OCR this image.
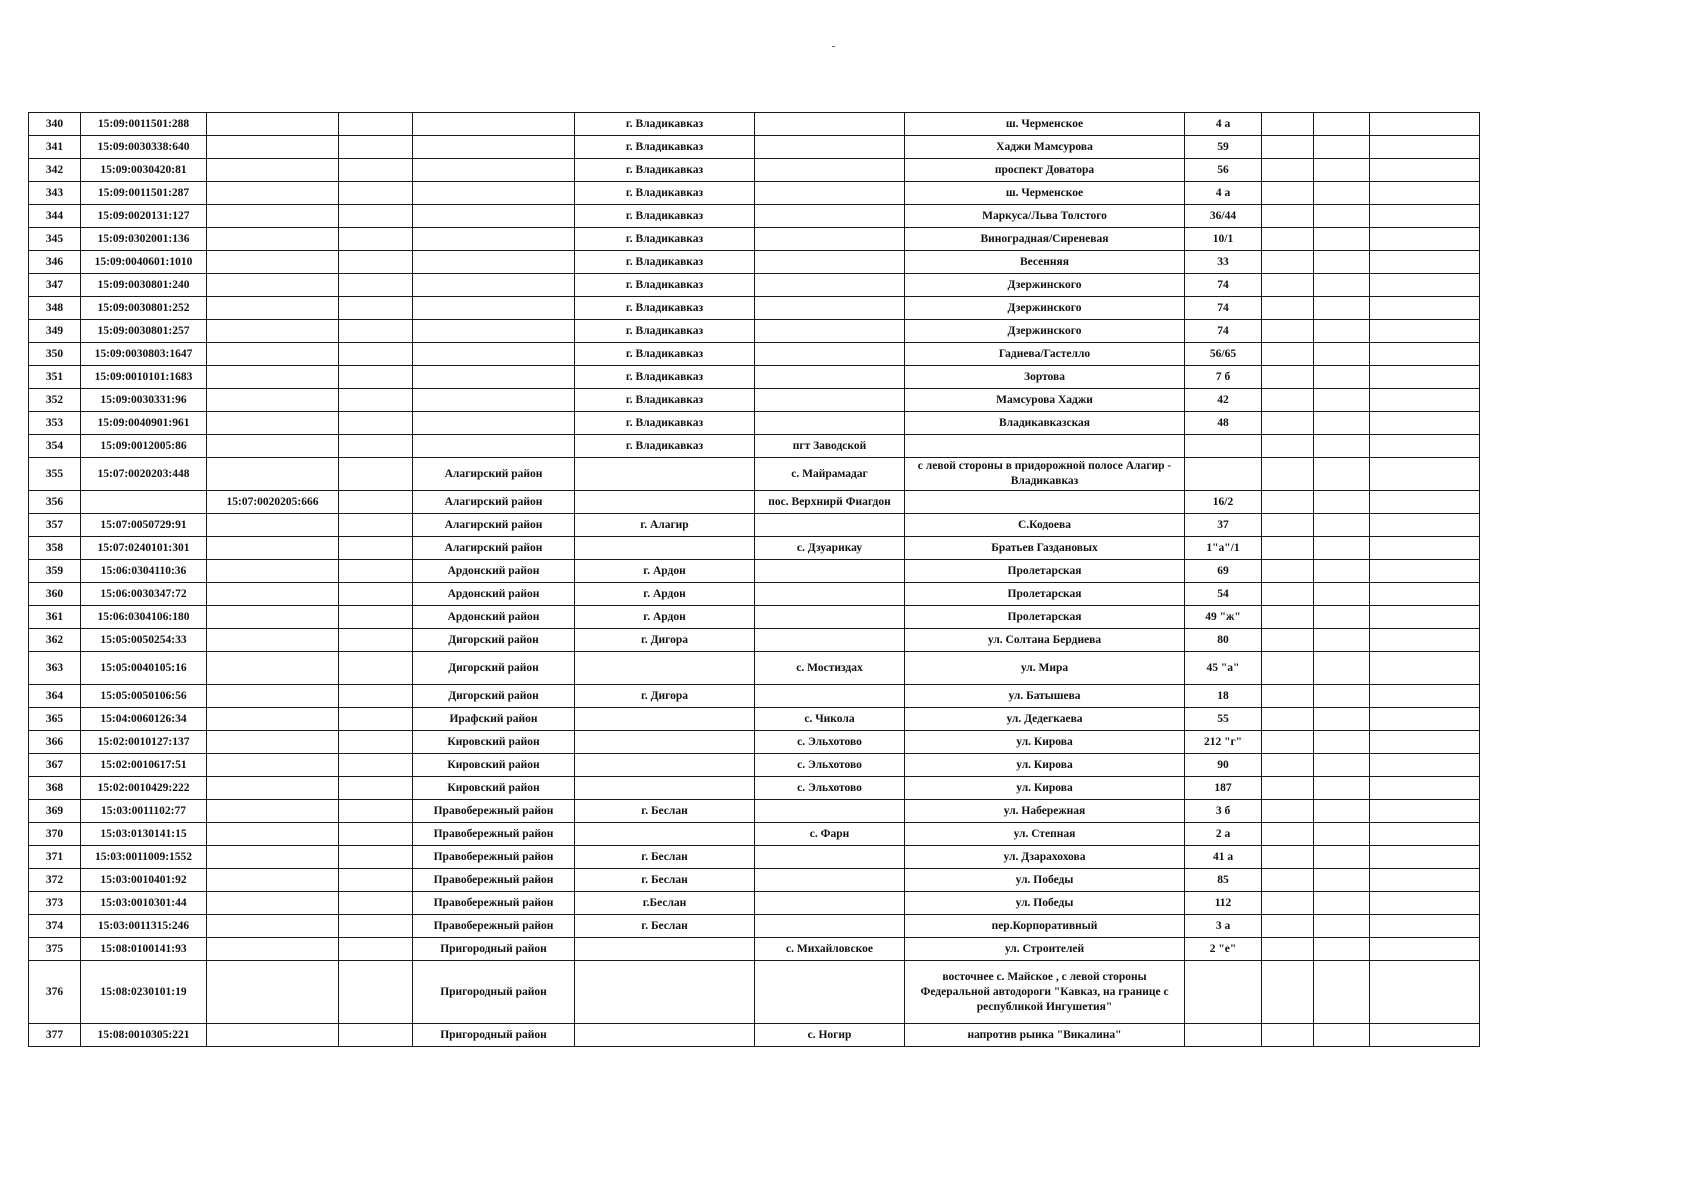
340	15:09:0011501:288				г. Владикавказ		ш. Черменское	4 а			
341	15:09:0030338:640				г. Владикавказ		Хаджи Мамсурова	59			
342	15:09:0030420:81				г. Владикавказ		проспект Доватора	56			
343	15:09:0011501:287				г. Владикавказ		ш. Черменское	4 а			
344	15:09:0020131:127				г. Владикавказ		Маркуса/Льва Толстого	36/44			
345	15:09:0302001:136				г. Владикавказ		Виноградная/Сиреневая	10/1			
346	15:09:0040601:1010				г. Владикавказ		Весенняя	33			
347	15:09:0030801:240				г. Владикавказ		Дзержинского	74			
348	15:09:0030801:252				г. Владикавказ		Дзержинского	74			
349	15:09:0030801:257				г. Владикавказ		Дзержинского	74			
350	15:09:0030803:1647				г. Владикавказ		Гадиева/Гастелло	56/65			
351	15:09:0010101:1683				г. Владикавказ		Зортова	7 б			
352	15:09:0030331:96				г. Владикавказ		Мамсурова Хаджи	42			
353	15:09:0040901:961				г. Владикавказ		Владикавказская	48			
354	15:09:0012005:86				г. Владикавказ	пгт Заводской					
355	15:07:0020203:448			Алагирский район		с. Майрамадаг	с левой стороны в придорожной полосе Алагир - Владикавказ				
356		15:07:0020205:666		Алагирский район		пос. Верхнирй Фиагдон		16/2			
357	15:07:0050729:91			Алагирский район	г. Алагир		С.Кодоева	37			
358	15:07:0240101:301			Алагирский район		с. Дзуарикау	Братьев Газдановых	1"а"/1			
359	15:06:0304110:36			Ардонский район	г. Ардон		Пролетарская	69			
360	15:06:0030347:72			Ардонский район	г. Ардон		Пролетарская	54			
361	15:06:0304106:180			Ардонский район	г. Ардон		Пролетарская	49 "ж"			
362	15:05:0050254:33			Дигорский район	г. Дигора		ул. Солтана Бердиева	80			
363	15:05:0040105:16			Дигорский район		с. Мостиздах	ул. Мира	45 "а"			
364	15:05:0050106:56			Дигорский район	г. Дигора		ул. Батышева	18			
365	15:04:0060126:34			Ирафский район		с. Чикола	ул. Дедегкаева	55			
366	15:02:0010127:137			Кировский район		с. Эльхотово	ул. Кирова	212 "г"			
367	15:02:0010617:51			Кировский район		с. Эльхотово	ул. Кирова	90			
368	15:02:0010429:222			Кировский район		с. Эльхотово	ул. Кирова	187			
369	15:03:0011102:77			Правобережный район	г. Беслан		ул. Набережная	3 б			
370	15:03:0130141:15			Правобережный район		с. Фарн	ул. Степная	2 а			
371	15:03:0011009:1552			Правобережный район	г. Беслан		ул. Дзарахохова	41 а			
372	15:03:0010401:92			Правобережный район	г. Беслан		ул. Победы	85			
373	15:03:0010301:44			Правобережный район	г.Беслан		ул. Победы	112			
374	15:03:0011315:246			Правобережный район	г. Беслан		пер.Корпоративный	3 а			
375	15:08:0100141:93			Пригородный район		с. Михайловское	ул. Строителей	2 "е"			
376	15:08:0230101:19			Пригородный район			восточнее с. Майское , с левой стороны Федеральной автодороги "Кавказ, на границе с республикой Ингушетия"				
377	15:08:0010305:221			Пригородный район		с. Ногир	напротив рынка "Викалина"				
